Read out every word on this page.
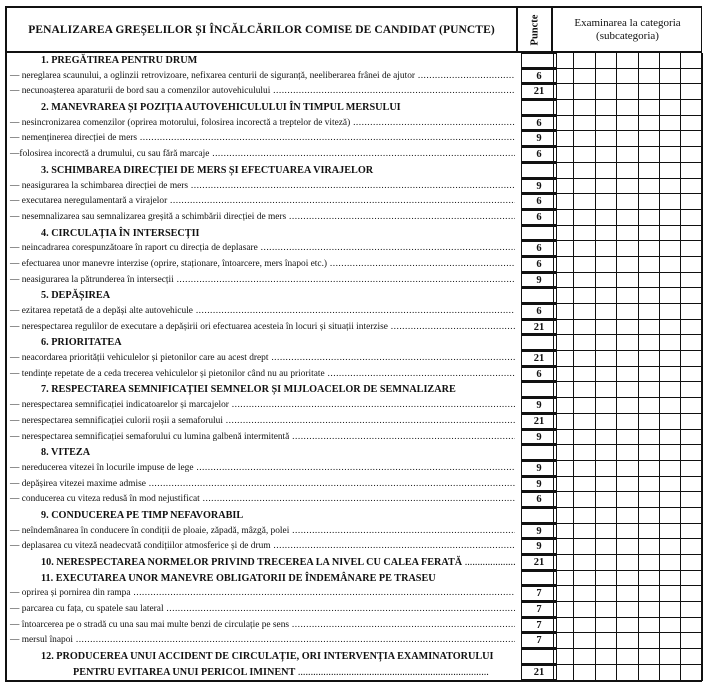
PENALIZAREA GREȘELILOR ȘI ÎNCĂLCĂRILOR COMISE DE CANDIDAT (PUNCTE)	Puncte	Examinarea la categoria
(subcategoria)
1. PREGĂTIREA PENTRU DRUM
— nereglarea scaunului, a oglinzii retrovizoare, nefixarea centurii de siguranță, neeliberarea frânei de ajutor .....	6
— necunoașterea aparaturii de bord sau a comenzilor autovehiculului .....	21
2. MANEVRAREA ȘI POZIȚIA AUTOVEHICULULUI ÎN TIMPUL MERSULUI
— nesincronizarea comenzilor (oprirea motorului, folosirea incorectă a treptelor de viteză) .....	6
— nemenținerea direcției de mers .....	9
—folosirea incorectă a drumului, cu sau fără marcaje .....	6
3. SCHIMBAREA DIRECȚIEI DE MERS ȘI EFECTUAREA VIRAJELOR
— neasigurarea la schimbarea direcției de mers .....	9
— executarea neregulamentară a virajelor .....	6
— nesemnalizarea sau semnalizarea greșită a schimbării direcției de mers .....	6
4. CIRCULAȚIA ÎN INTERSECȚII
— neincadrarea corespunzătoare în raport cu direcția de deplasare .....	6
— efectuarea unor manevre interzise (oprire, staționare, întoarcere, mers înapoi etc.) .....	6
— neasigurarea la pătrunderea în intersecții .....	9
5. DEPĂȘIREA
— ezitarea repetată de a depăși alte autovehicule .....	6
— nerespectarea regulilor de executare a depășirii ori efectuarea acesteia în locuri și situații interzise .....	21
6. PRIORITATEA
— neacordarea priorității vehiculelor și pietonilor care au acest drept .....	21
— tendințe repetate de a ceda trecerea vehiculelor și pietonilor când nu au prioritate .....	6
7. RESPECTAREA SEMNIFICAȚIEI SEMNELOR ȘI MIJLOACELOR DE SEMNALIZARE
— nerespectarea semnificației indicatoarelor și marcajelor .....	9
— nerespectarea semnificației culorii roșii a semaforului .....	21
— nerespectarea semnificației semaforului cu lumina galbenă intermitentă .....	9
8. VITEZA
— nereducerea vitezei în locurile impuse de lege .....	9
— depășirea vitezei maxime admise .....	9
— conducerea cu viteza redusă în mod nejustificat .....	6
9. CONDUCEREA PE TIMP NEFAVORABIL
— neîndemânarea în conducere în condiții de ploaie, zăpadă, mâzgă, polei .....	9
— deplasarea cu viteză neadecvată condițiilor atmosferice și de drum .....	9
10. NERESPECTAREA NORMELOR PRIVIND TRECEREA LA NIVEL CU CALEA FERATĂ .....	21
11. EXECUTAREA UNOR MANEVRE OBLIGATORII DE ÎNDEMÂNARE PE TRASEU
— oprirea și pornirea din rampa .....	7
— parcarea cu fața, cu spatele sau lateral .....	7
— întoarcerea pe o stradă cu una sau mai multe benzi de circulație pe sens .....	7
— mersul înapoi .....	7
12. PRODUCEREA UNUI ACCIDENT DE CIRCULAȚIE, ORI INTERVENȚIA EXAMINATORULUI
PENTRU EVITAREA UNUI PERICOL IMINENT .....	21
